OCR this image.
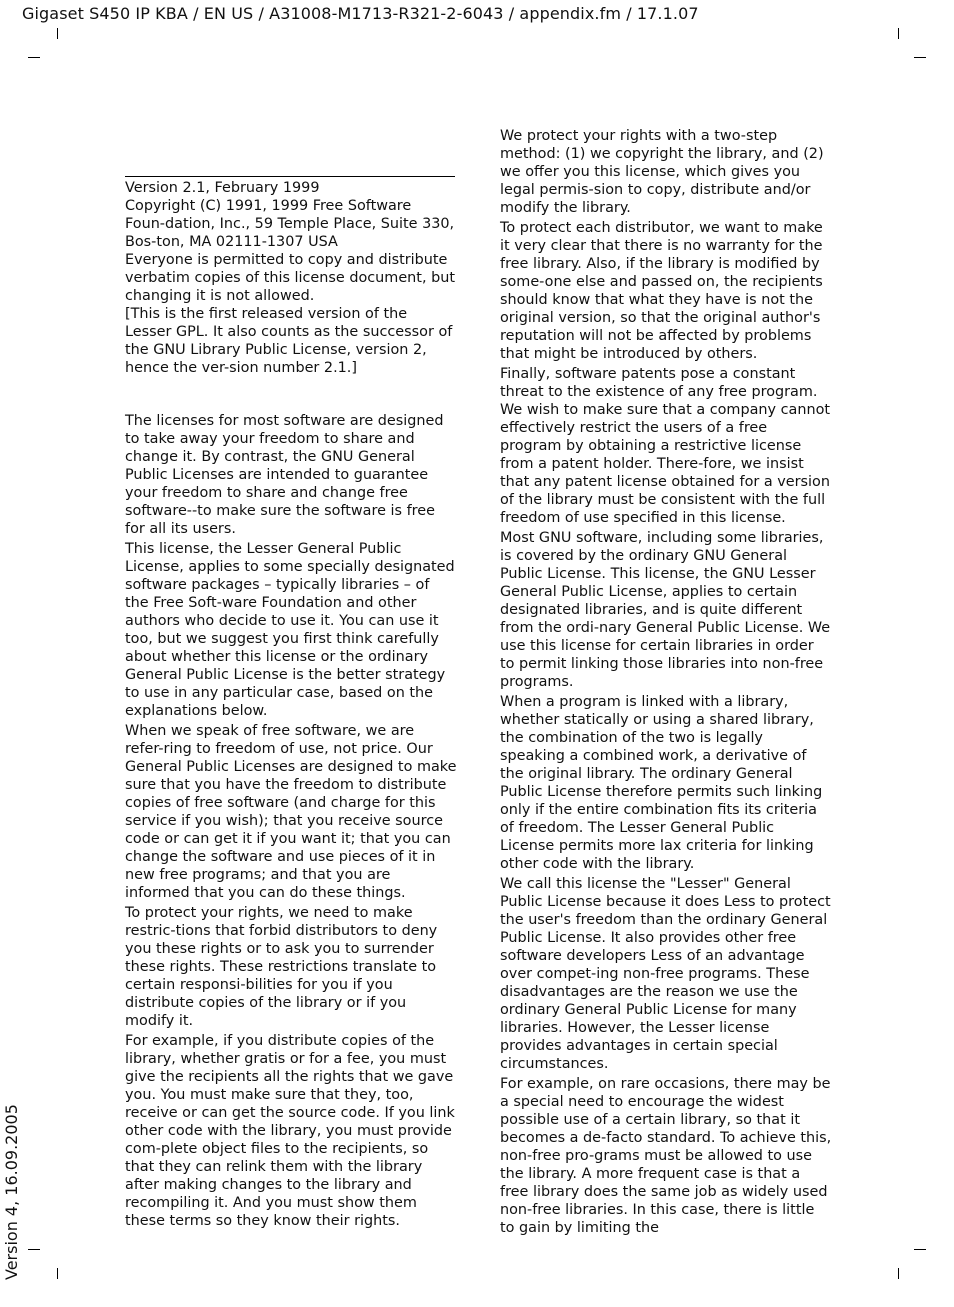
Gigaset S450 IP KBA / EN US / A31008-M1713-R321-2-6043 / appendix.fm / 17.1.07
Version 4, 16.09.2005

Version 2.1, February 1999

Copyright (C) 1991, 1999 Free Software Foun-dation, Inc., 59 Temple Place, Suite 330, Bos-ton, MA 02111-1307 USA

Everyone is permitted to copy and distribute verbatim copies of this license document, but changing it is not allowed.

[This is the first released version of the Lesser GPL. It also counts as the successor of the GNU Library Public License, version 2, hence the ver-sion number 2.1.]

The licenses for most software are designed to take away your freedom to share and change it. By contrast, the GNU General Public Licenses are intended to guarantee your freedom to share and change free software--to make sure the software is free for all its users.

This license, the Lesser General Public License, applies to some specially designated software packages – typically libraries – of the Free Soft-ware Foundation and other authors who decide to use it. You can use it too, but we suggest you first think carefully about whether this license or the ordinary General Public License is the better strategy to use in any particular case, based on the explanations below.

When we speak of free software, we are refer-ring to freedom of use, not price. Our General Public Licenses are designed to make sure that you have the freedom to distribute copies of free software (and charge for this service if you wish); that you receive source code or can get it if you want it; that you can change the software and use pieces of it in new free programs; and that you are informed that you can do these things.

To protect your rights, we need to make restric-tions that forbid distributors to deny you these rights or to ask you to surrender these rights. These restrictions translate to certain responsi-bilities for you if you distribute copies of the library or if you modify it.

For example, if you distribute copies of the library, whether gratis or for a fee, you must give the recipients all the rights that we gave you. You must make sure that they, too, receive or can get the source code. If you link other code with the library, you must provide com-plete object files to the recipients, so that they can relink them with the library after making changes to the library and recompiling it. And you must show them these terms so they know their rights.

We protect your rights with a two-step method: (1) we copyright the library, and (2) we offer you this license, which gives you legal permis-sion to copy, distribute and/or modify the library.

To protect each distributor, we want to make it very clear that there is no warranty for the free library. Also, if the library is modified by some-one else and passed on, the recipients should know that what they have is not the original version, so that the original author's reputation will not be affected by problems that might be introduced by others.

Finally, software patents pose a constant threat to the existence of any free program. We wish to make sure that a company cannot effectively restrict the users of a free program by obtaining a restrictive license from a patent holder. There-fore, we insist that any patent license obtained for a version of the library must be consistent with the full freedom of use specified in this license.

Most GNU software, including some libraries, is covered by the ordinary GNU General Public License. This license, the GNU Lesser General Public License, applies to certain designated libraries, and is quite different from the ordi-nary General Public License. We use this license for certain libraries in order to permit linking those libraries into non-free programs.

When a program is linked with a library, whether statically or using a shared library, the combination of the two is legally speaking a combined work, a derivative of the original library. The ordinary General Public License therefore permits such linking only if the entire combination fits its criteria of freedom. The Lesser General Public License permits more lax criteria for linking other code with the library.

We call this license the "Lesser" General Public License because it does Less to protect the user's freedom than the ordinary General Public License. It also provides other free software developers Less of an advantage over compet-ing non-free programs. These disadvantages are the reason we use the ordinary General Public License for many libraries. However, the Lesser license provides advantages in certain special circumstances.

For example, on rare occasions, there may be a special need to encourage the widest possible use of a certain library, so that it becomes a de-facto standard. To achieve this, non-free pro-grams must be allowed to use the library. A more frequent case is that a free library does the same job as widely used non-free libraries. In this case, there is little to gain by limiting the
